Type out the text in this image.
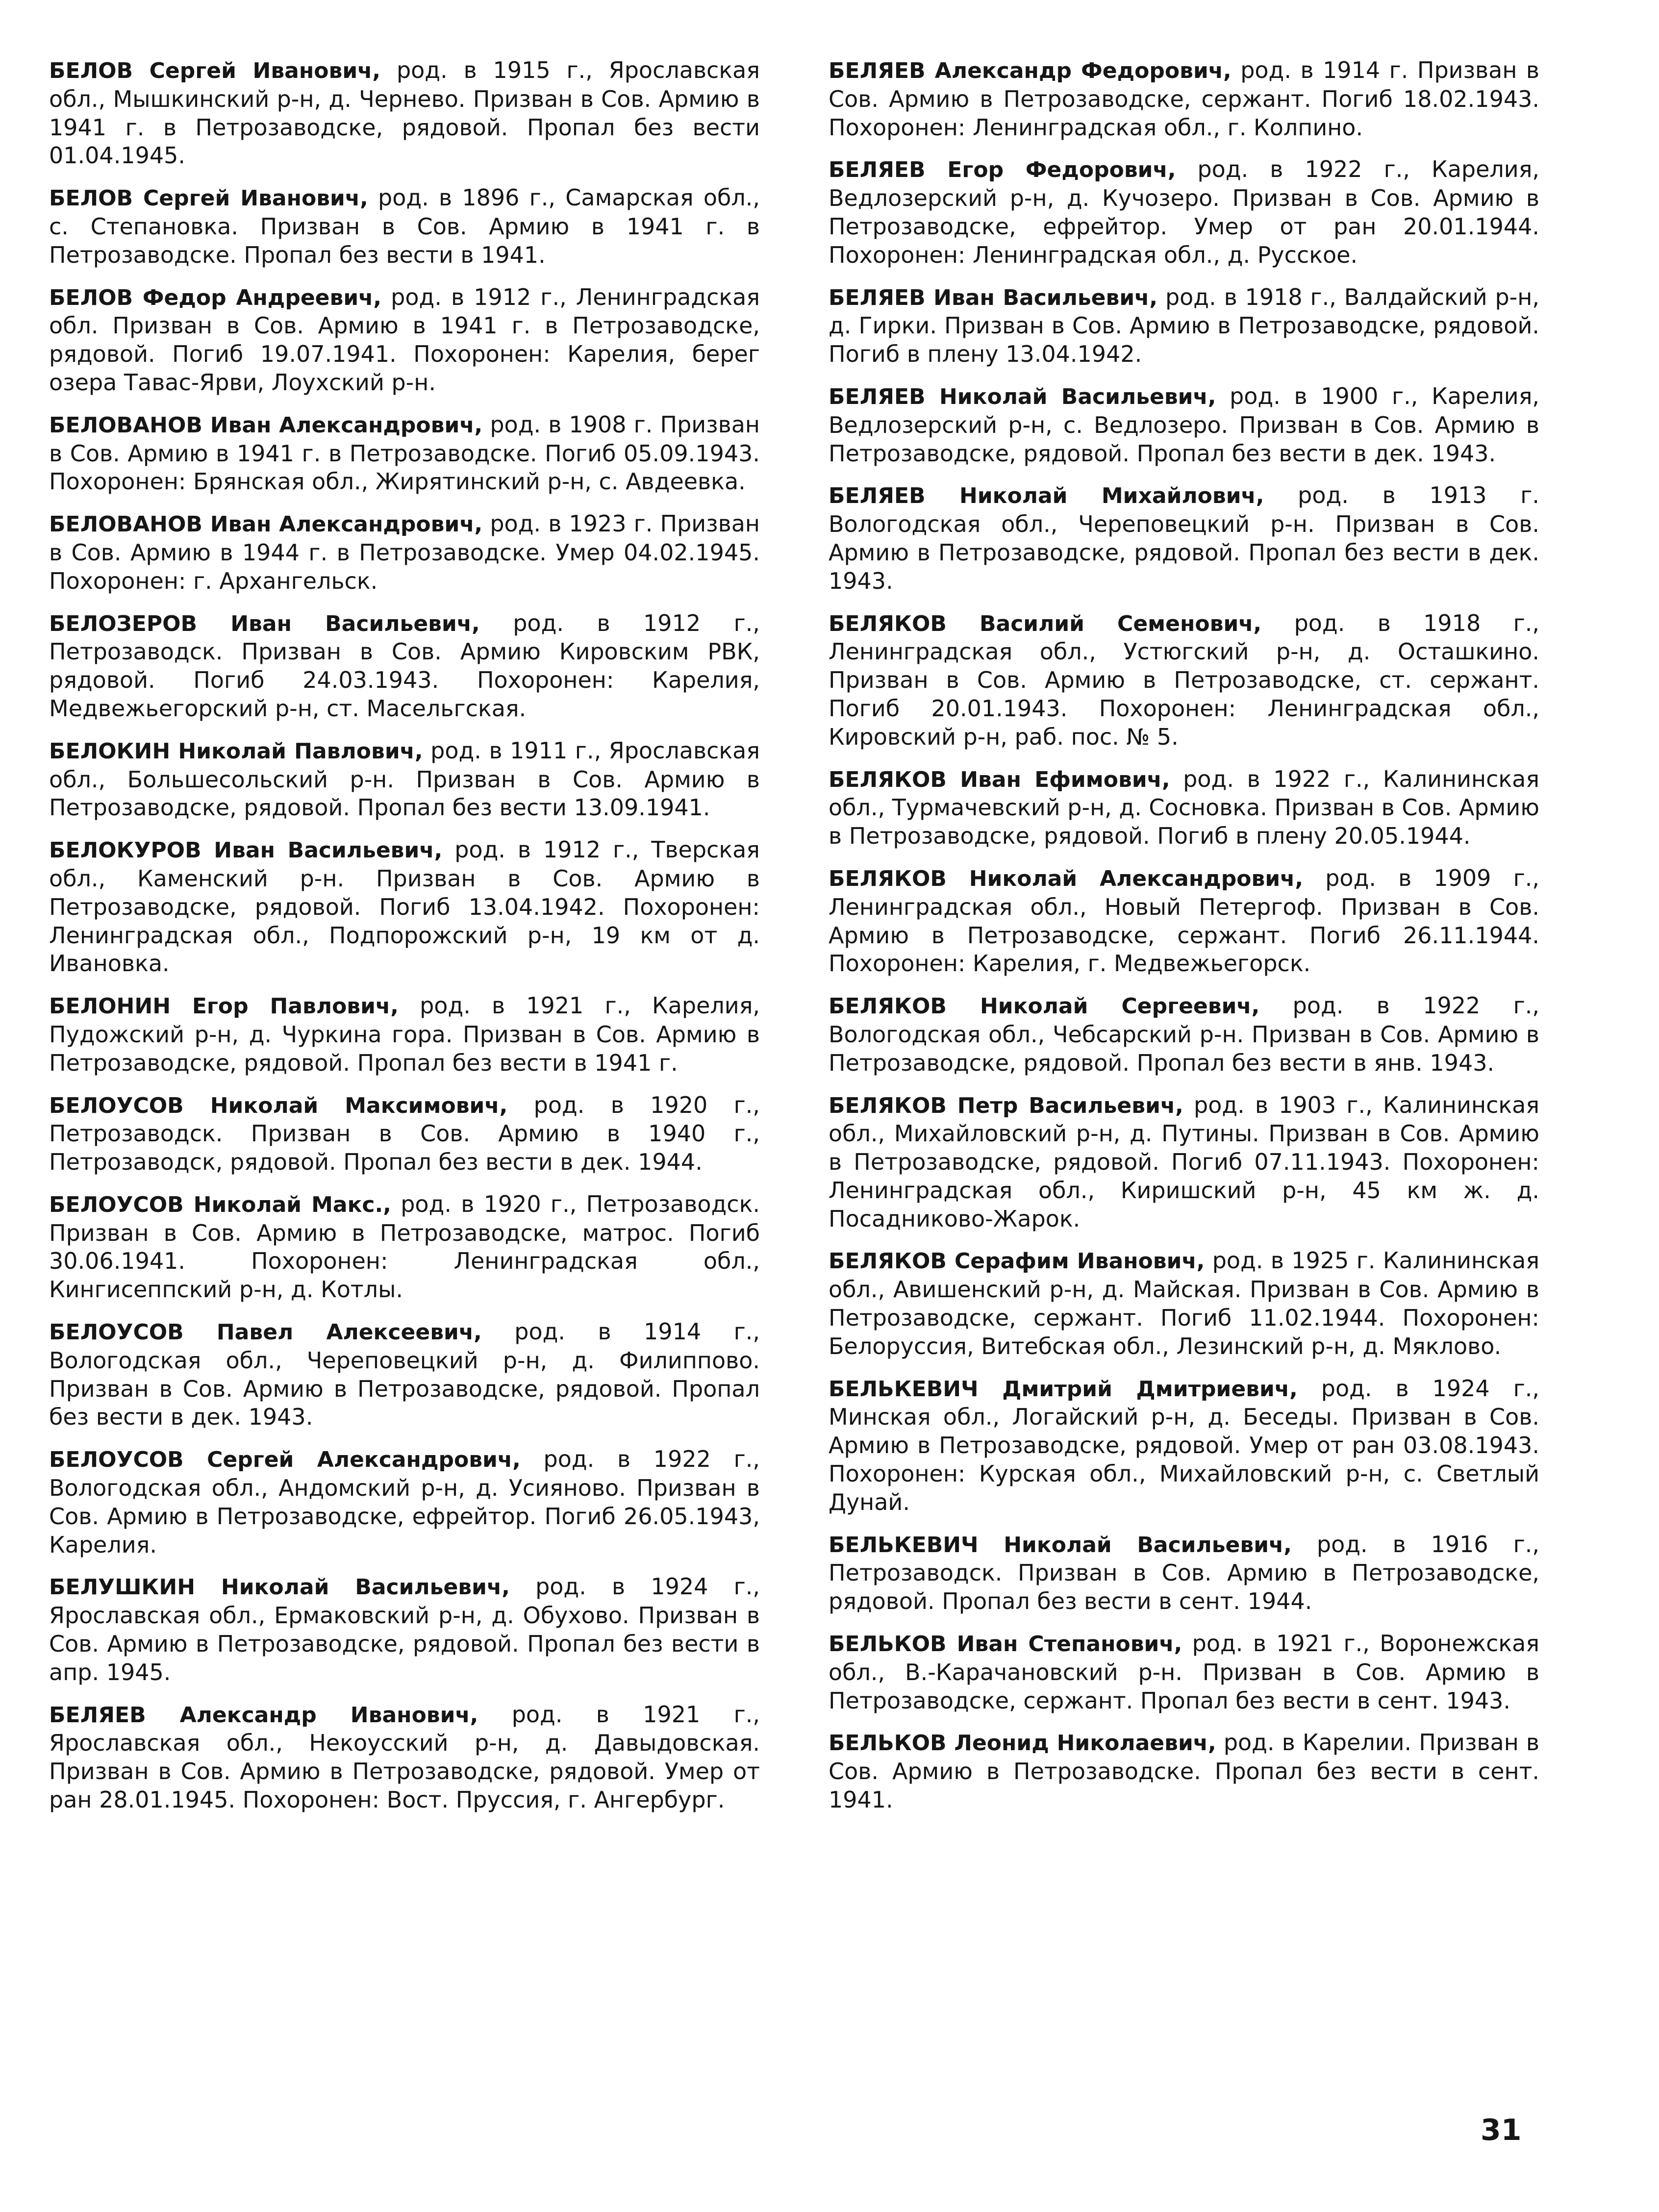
БЕЛОВ Сергей Иванович, род. в 1915 г., Ярославская обл., Мышкинский р-н, д. Чернево. Призван в Сов. Армию в 1941 г. в Петрозаводске, рядовой. Пропал без вести 01.04.1945.

БЕЛОВ Сергей Иванович, род. в 1896 г., Самарская обл., с. Степановка. Призван в Сов. Армию в 1941 г. в Петрозаводске. Пропал без вести в 1941.

БЕЛОВ Федор Андреевич, род. в 1912 г., Ленинградская обл. Призван в Сов. Армию в 1941 г. в Петрозаводске, рядовой. Погиб 19.07.1941. Похоронен: Карелия, берег озера Тавас-Ярви, Лоухский р-н.

БЕЛОВАНОВ Иван Александрович, род. в 1908 г. Призван в Сов. Армию в 1941 г. в Петрозаводске. Погиб 05.09.1943. Похоронен: Брянская обл., Жирятинский р-н, с. Авдеевка.

БЕЛОВАНОВ Иван Александрович, род. в 1923 г. Призван в Сов. Армию в 1944 г. в Петрозаводске. Умер 04.02.1945. Похоронен: г. Архангельск.

БЕЛОЗЕРОВ Иван Васильевич, род. в 1912 г., Петрозаводск. Призван в Сов. Армию Кировским РВК, рядовой. Погиб 24.03.1943. Похоронен: Карелия, Медвежьегорский р-н, ст. Масельгская.

БЕЛОКИН Николай Павлович, род. в 1911 г., Ярославская обл., Большесольский р-н. Призван в Сов. Армию в Петрозаводске, рядовой. Пропал без вести 13.09.1941.

БЕЛОКУРОВ Иван Васильевич, род. в 1912 г., Тверская обл., Каменский р-н. Призван в Сов. Армию в Петрозаводске, рядовой. Погиб 13.04.1942. Похоронен: Ленинградская обл., Подпорожский р-н, 19 км от д. Ивановка.

БЕЛОНИН Егор Павлович, род. в 1921 г., Карелия, Пудожский р-н, д. Чуркина гора. Призван в Сов. Армию в Петрозаводске, рядовой. Пропал без вести в 1941 г.

БЕЛОУСОВ Николай Максимович, род. в 1920 г., Петрозаводск. Призван в Сов. Армию в 1940 г., Петрозаводск, рядовой. Пропал без вести в дек. 1944.

БЕЛОУСОВ Николай Макс., род. в 1920 г., Петрозаводск. Призван в Сов. Армию в Петрозаводске, матрос. Погиб 30.06.1941. Похоронен: Ленинградская обл., Кингисеппский р-н, д. Котлы.

БЕЛОУСОВ Павел Алексеевич, род. в 1914 г., Вологодская обл., Череповецкий р-н, д. Филиппово. Призван в Сов. Армию в Петрозаводске, рядовой. Пропал без вести в дек. 1943.

БЕЛОУСОВ Сергей Александрович, род. в 1922 г., Вологодская обл., Андомский р-н, д. Усияново. Призван в Сов. Армию в Петрозаводске, ефрейтор. Погиб 26.05.1943, Карелия.

БЕЛУШКИН Николай Васильевич, род. в 1924 г., Ярославская обл., Ермаковский р-н, д. Обухово. Призван в Сов. Армию в Петрозаводске, рядовой. Пропал без вести в апр. 1945.

БЕЛЯЕВ Александр Иванович, род. в 1921 г., Ярославская обл., Некоусский р-н, д. Давыдовская. Призван в Сов. Армию в Петрозаводске, рядовой. Умер от ран 28.01.1945. Похоронен: Вост. Пруссия, г. Ангербург.

БЕЛЯЕВ Александр Федорович, род. в 1914 г. Призван в Сов. Армию в Петрозаводске, сержант. Погиб 18.02.1943. Похоронен: Ленинградская обл., г. Колпино.

БЕЛЯЕВ Егор Федорович, род. в 1922 г., Карелия, Ведлозерский р-н, д. Кучозеро. Призван в Сов. Армию в Петрозаводске, ефрейтор. Умер от ран 20.01.1944. Похоронен: Ленинградская обл., д. Русское.

БЕЛЯЕВ Иван Васильевич, род. в 1918 г., Валдайский р-н, д. Гирки. Призван в Сов. Армию в Петрозаводске, рядовой. Погиб в плену 13.04.1942.

БЕЛЯЕВ Николай Васильевич, род. в 1900 г., Карелия, Ведлозерский р-н, с. Ведлозеро. Призван в Сов. Армию в Петрозаводске, рядовой. Пропал без вести в дек. 1943.

БЕЛЯЕВ Николай Михайлович, род. в 1913 г. Вологодская обл., Череповецкий р-н. Призван в Сов. Армию в Петрозаводске, рядовой. Пропал без вести в дек. 1943.

БЕЛЯКОВ Василий Семенович, род. в 1918 г., Ленинградская обл., Устюгский р-н, д. Осташкино. Призван в Сов. Армию в Петрозаводске, ст. сержант. Погиб 20.01.1943. Похоронен: Ленинградская обл., Кировский р-н, раб. пос. № 5.

БЕЛЯКОВ Иван Ефимович, род. в 1922 г., Калининская обл., Турмачевский р-н, д. Сосновка. Призван в Сов. Армию в Петрозаводске, рядовой. Погиб в плену 20.05.1944.

БЕЛЯКОВ Николай Александрович, род. в 1909 г., Ленинградская обл., Новый Петергоф. Призван в Сов. Армию в Петрозаводске, сержант. Погиб 26.11.1944. Похоронен: Карелия, г. Медвежьегорск.

БЕЛЯКОВ Николай Сергеевич, род. в 1922 г., Вологодская обл., Чебсарский р-н. Призван в Сов. Армию в Петрозаводске, рядовой. Пропал без вести в янв. 1943.

БЕЛЯКОВ Петр Васильевич, род. в 1903 г., Калининская обл., Михайловский р-н, д. Путины. Призван в Сов. Армию в Петрозаводске, рядовой. Погиб 07.11.1943. Похоронен: Ленинградская обл., Киришский р-н, 45 км ж. д. Посадниково-Жарок.

БЕЛЯКОВ Серафим Иванович, род. в 1925 г. Калининская обл., Авишенский р-н, д. Майская. Призван в Сов. Армию в Петрозаводске, сержант. Погиб 11.02.1944. Похоронен: Белоруссия, Витебская обл., Лезинский р-н, д. Мякловo.

БЕЛЬКЕВИЧ Дмитрий Дмитриевич, род. в 1924 г., Минская обл., Логайский р-н, д. Беседы. Призван в Сов. Армию в Петрозаводске, рядовой. Умер от ран 03.08.1943. Похоронен: Курская обл., Михайловский р-н, с. Светлый Дунай.

БЕЛЬКЕВИЧ Николай Васильевич, род. в 1916 г., Петрозаводск. Призван в Сов. Армию в Петрозаводске, рядовой. Пропал без вести в сент. 1944.

БЕЛЬКОВ Иван Степанович, род. в 1921 г., Воронежская обл., В.-Карачановский р-н. Призван в Сов. Армию в Петрозаводске, сержант. Пропал без вести в сент. 1943.

БЕЛЬКОВ Леонид Николаевич, род. в Карелии. Призван в Сов. Армию в Петрозаводске. Пропал без вести в сент. 1941.

31
